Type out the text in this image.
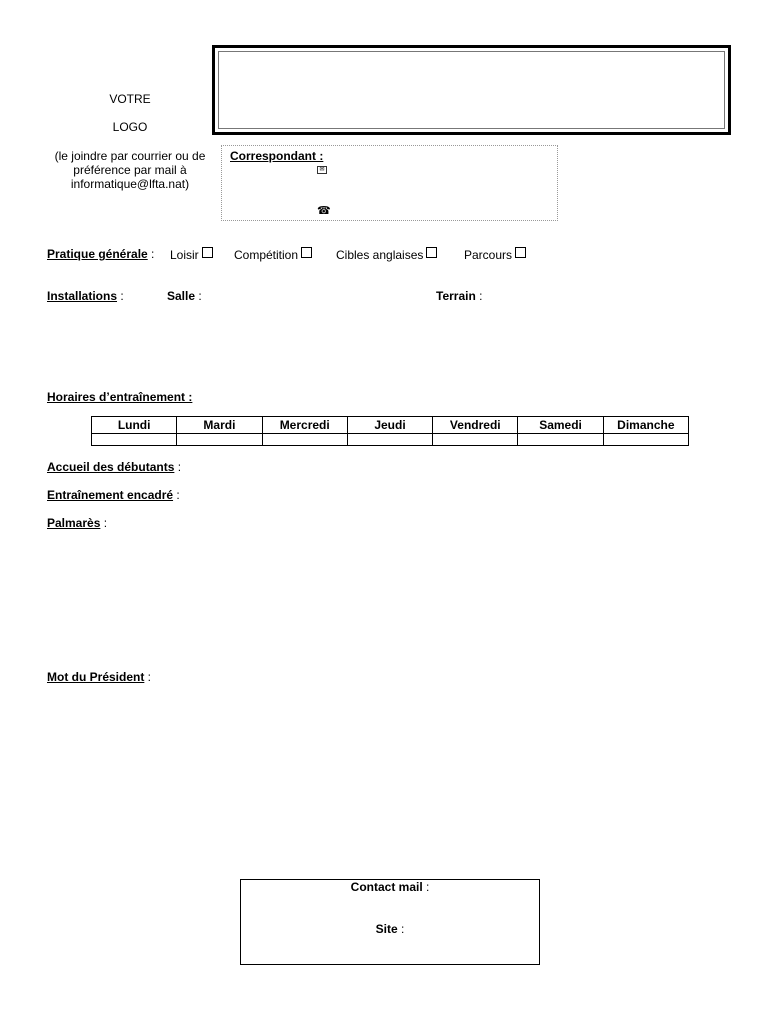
VOTRE
LOGO
(le joindre par courrier ou de
préférence par mail à
informatique@lfta.nat)
Correspondant :
✉
☎
Pratique générale : Loisir	Compétition	Cibles anglaises	Parcours
Installations :	Salle :	Terrain :
Horaires d’entraînement :
Lundi	Mardi	Mercredi	Jeudi	Vendredi	Samedi	Dimanche

Accueil des débutants :
Entraînement encadré :
Palmarès :
Mot du Président :
Contact mail :
Site :
